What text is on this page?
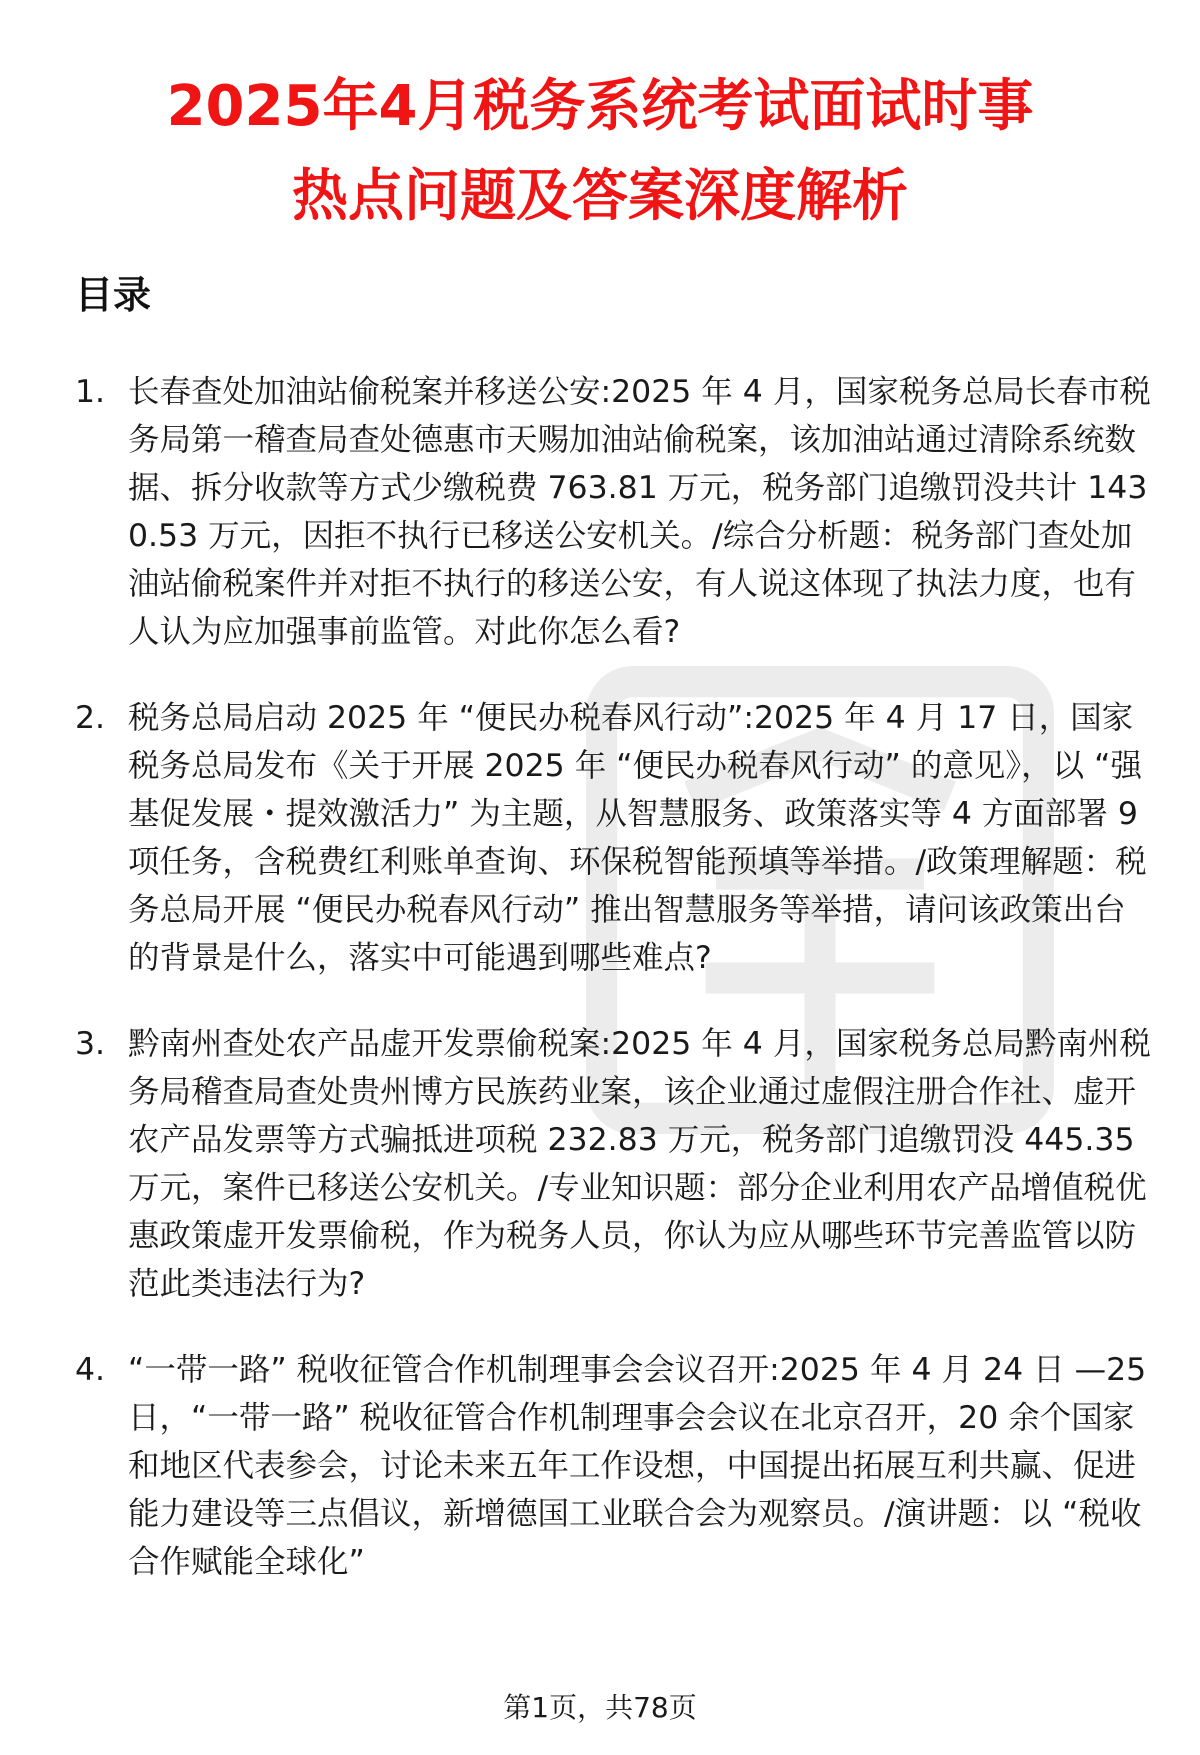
2025年4月税务系统考试面试时事
热点问题及答案深度解析
目录
1. 长春查处加油站偷税案并移送公安:2025 年 4 月，国家税务总局长春市税务局第一稽查局查处德惠市天赐加油站偷税案，该加油站通过清除系统数据、拆分收款等方式少缴税费 763.81 万元，税务部门追缴罚没共计 1430.53 万元，因拒不执行已移送公安机关。/综合分析题：税务部门查处加油站偷税案件并对拒不执行的移送公安，有人说这体现了执法力度，也有人认为应加强事前监管。对此你怎么看?
2. 税务总局启动 2025 年 “便民办税春风行动”:2025 年 4 月 17 日，国家税务总局发布《关于开展 2025 年 “便民办税春风行动” 的意见》，以 “强基促发展・提效激活力” 为主题，从智慧服务、政策落实等 4 方面部署 9 项任务，含税费红利账单查询、环保税智能预填等举措。/政策理解题：税务总局开展 “便民办税春风行动” 推出智慧服务等举措，请问该政策出台的背景是什么，落实中可能遇到哪些难点?
3. 黔南州查处农产品虚开发票偷税案:2025 年 4 月，国家税务总局黔南州税务局稽查局查处贵州博方民族药业案，该企业通过虚假注册合作社、虚开农产品发票等方式骗抵进项税 232.83 万元，税务部门追缴罚没 445.35 万元，案件已移送公安机关。/专业知识题：部分企业利用农产品增值税优惠政策虚开发票偷税，作为税务人员，你认为应从哪些环节完善监管以防范此类违法行为?
4. “一带一路” 税收征管合作机制理事会会议召开:2025 年 4 月 24 日 —25 日，“一带一路” 税收征管合作机制理事会会议在北京召开，20 余个国家和地区代表参会，讨论未来五年工作设想，中国提出拓展互利共赢、促进能力建设等三点倡议，新增德国工业联合会为观察员。/演讲题：以 “税收合作赋能全球化”

第1页，共78页
